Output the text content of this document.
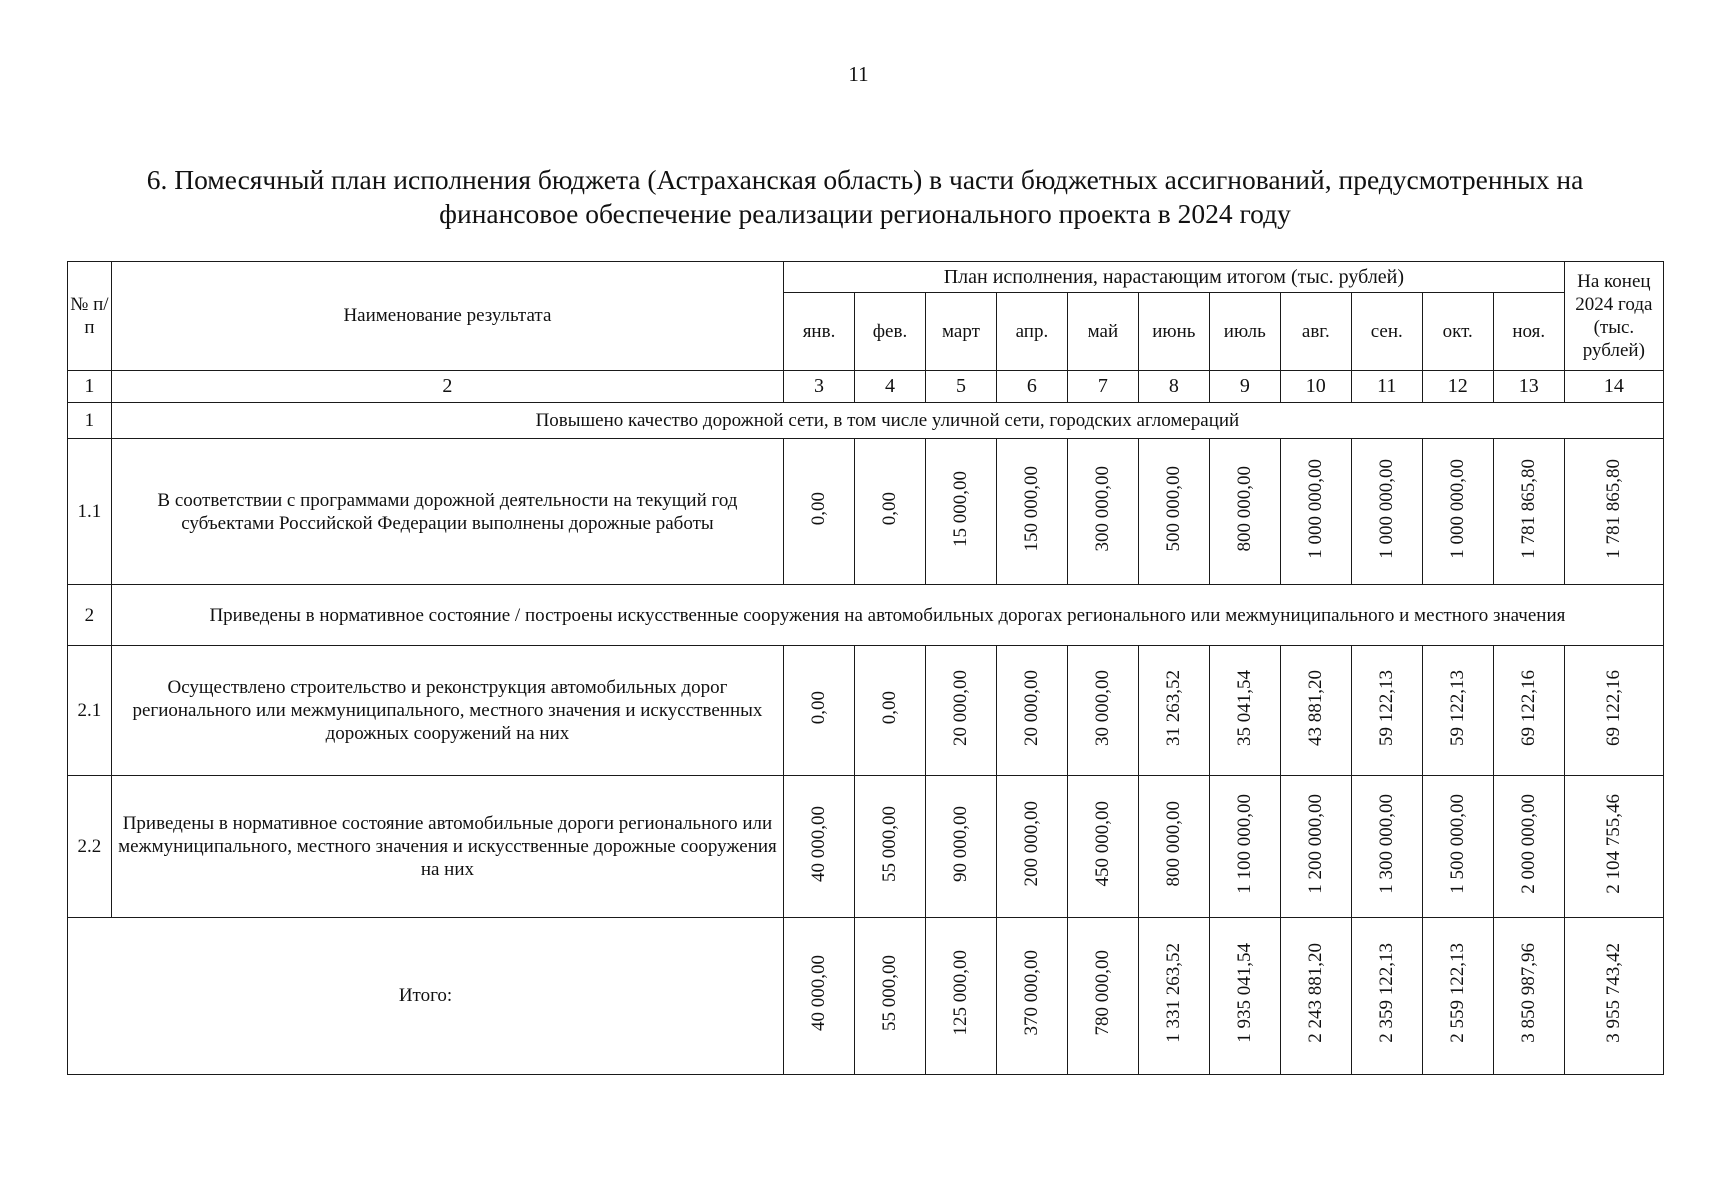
11
6. Помесячный план исполнения бюджета (Астраханская область) в части бюджетных ассигнований, предусмотренных на финансовое обеспечение реализации регионального проекта в 2024 году
№ п/п	Наименование результата	План исполнения, нарастающим итогом (тыс. рублей)											На конец 2024 года (тыс. рублей)
		янв.	фев.	март	апр.	май	июнь	июль	авг.	сен.	окт.	ноя.	
1	2	3	4	5	6	7	8	9	10	11	12	13	14
1	Повышено качество дорожной сети, в том числе уличной сети, городских агломераций												
1.1	В соответствии с программами дорожной деятельности на текущий год субъектами Российской Федерации выполнены дорожные работы	0,00	0,00	15 000,00	150 000,00	300 000,00	500 000,00	800 000,00	1 000 000,00	1 000 000,00	1 000 000,00	1 781 865,80	1 781 865,80
2	Приведены в нормативное состояние / построены искусственные сооружения на автомобильных дорогах регионального или межмуниципального и местного значения												
2.1	Осуществлено строительство и реконструкция автомобильных дорог регионального или межмуниципального, местного значения и искусственных дорожных сооружений на них	0,00	0,00	20 000,00	20 000,00	30 000,00	31 263,52	35 041,54	43 881,20	59 122,13	59 122,13	69 122,16	69 122,16
2.2	Приведены в нормативное состояние автомобильные дороги регионального или межмуниципального, местного значения и искусственные дорожные сооружения на них	40 000,00	55 000,00	90 000,00	200 000,00	450 000,00	800 000,00	1 100 000,00	1 200 000,00	1 300 000,00	1 500 000,00	2 000 000,00	2 104 755,46
Итого:		40 000,00	55 000,00	125 000,00	370 000,00	780 000,00	1 331 263,52	1 935 041,54	2 243 881,20	2 359 122,13	2 559 122,13	3 850 987,96	3 955 743,42
